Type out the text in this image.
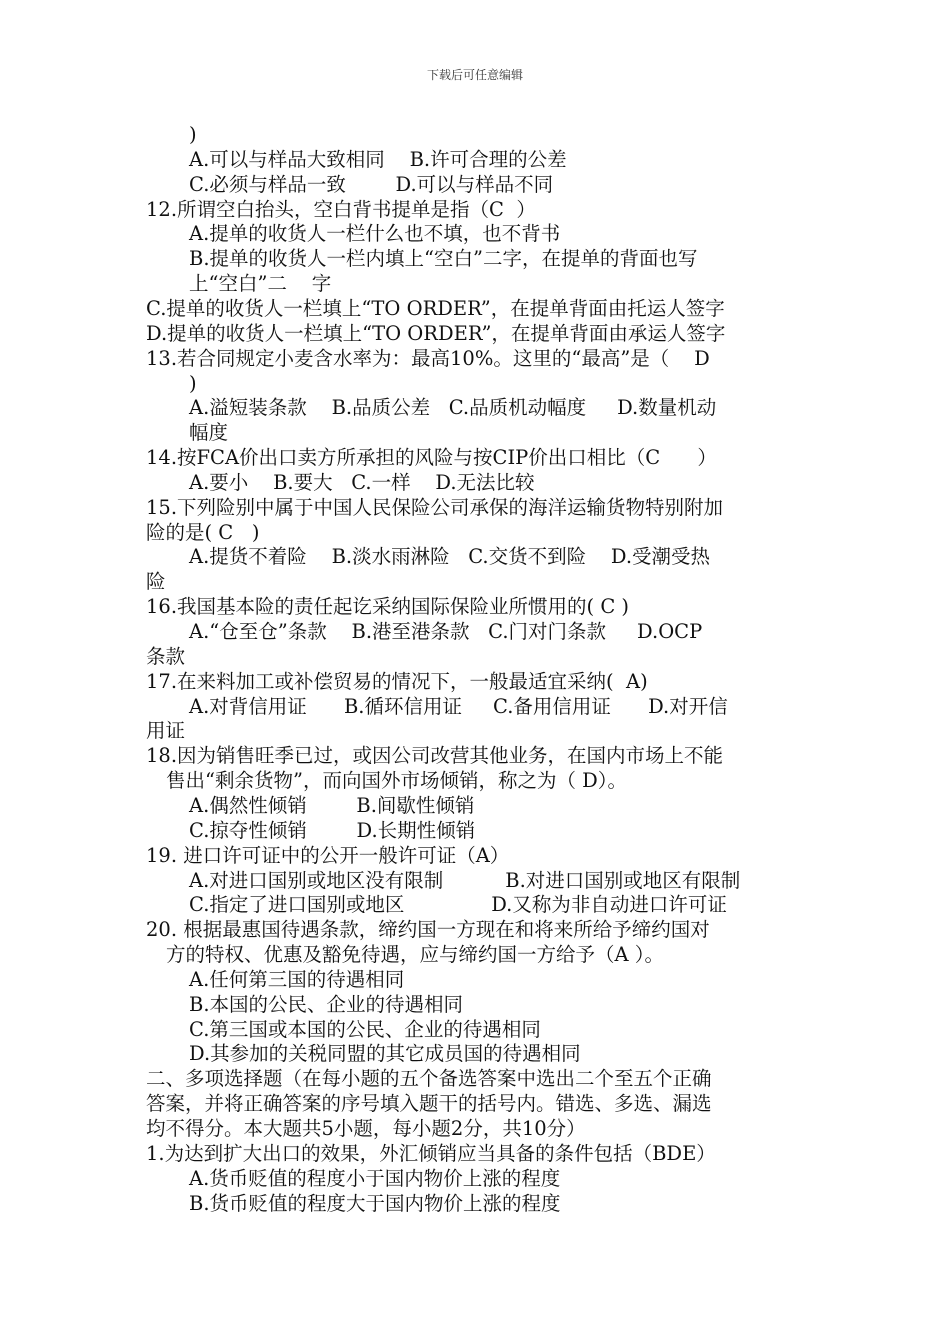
下载后可任意编辑
)
A.可以与样品大致相同    B.许可合理的公差
C.必须与样品一致        D.可以与样品不同
12.所谓空白抬头，空白背书提单是指（C  ）
A.提单的收货人一栏什么也不填，也不背书
B.提单的收货人一栏内填上“空白”二字，在提单的背面也写
上“空白”二    字
C.提单的收货人一栏填上“TO ORDER”，在提单背面由托运人签字
D.提单的收货人一栏填上“TO ORDER”，在提单背面由承运人签字
13.若合同规定小麦含水率为：最高10%。这里的“最高”是（    D
)
A.溢短装条款    B.品质公差   C.品质机动幅度     D.数量机动
幅度
14.按FCA价出口卖方所承担的风险与按CIP价出口相比（C      ）
A.要小    B.要大   C.一样    D.无法比较
15.下列险别中属于中国人民保险公司承保的海洋运输货物特别附加
险的是( C   )
A.提货不着险    B.淡水雨淋险   C.交货不到险    D.受潮受热
险
16.我国基本险的责任起讫采纳国际保险业所惯用的( C )
A.“仓至仓”条款    B.港至港条款   C.门对门条款     D.OCP
条款
17.在来料加工或补偿贸易的情况下，一般最适宜采纳(  A)
A.对背信用证      B.循环信用证     C.备用信用证      D.对开信
用证
18.因为销售旺季已过，或因公司改营其他业务，在国内市场上不能
售出“剩余货物”，而向国外市场倾销，称之为（ D）。
A.偶然性倾销        B.间歇性倾销
C.掠夺性倾销        D.长期性倾销
19. 进口许可证中的公开一般许可证（A）
A.对进口国别或地区没有限制          B.对进口国别或地区有限制
C.指定了进口国别或地区              D.又称为非自动进口许可证
20. 根据最惠国待遇条款，缔约国一方现在和将来所给予缔约国对
方的特权、优惠及豁免待遇，应与缔约国一方给予（A ）。
A.任何第三国的待遇相同
B.本国的公民、企业的待遇相同
C.第三国或本国的公民、企业的待遇相同
D.其参加的关税同盟的其它成员国的待遇相同
二、多项选择题（在每小题的五个备选答案中选出二个至五个正确
答案，并将正确答案的序号填入题干的括号内。错选、多选、漏选
均不得分。本大题共5小题，每小题2分，共10分）
1.为达到扩大出口的效果，外汇倾销应当具备的条件包括（BDE）
A.货币贬值的程度小于国内物价上涨的程度
B.货币贬值的程度大于国内物价上涨的程度
